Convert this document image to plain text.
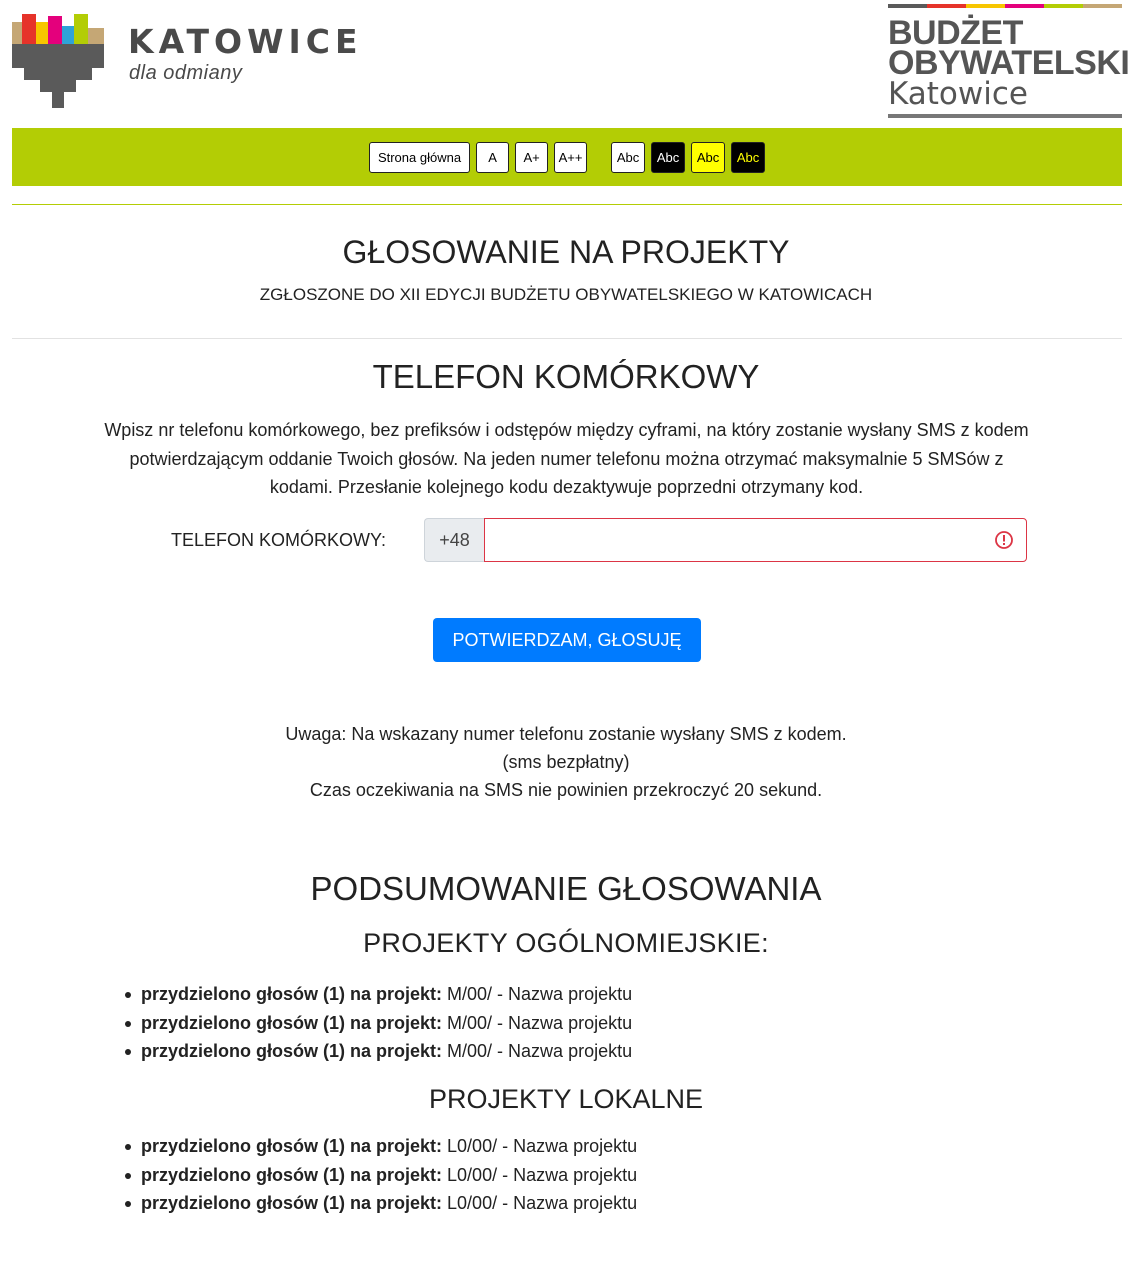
KATOWICE
dla odmiany
BUDŻET
OBYWATELSKI
Katowice
Strona główna	A	A+	A++	Abc	Abc	Abc	Abc
GŁOSOWANIE NA PROJEKTY
ZGŁOSZONE DO XII EDYCJI BUDŻETU OBYWATELSKIEGO W KATOWICACH
TELEFON KOMÓRKOWY
Wpisz nr telefonu komórkowego, bez prefiksów i odstępów między cyframi, na który zostanie wysłany SMS z kodem potwierdzającym oddanie Twoich głosów. Na jeden numer telefonu można otrzymać maksymalnie 5 SMSów z kodami. Przesłanie kolejnego kodu dezaktywuje poprzedni otrzymany kod.
TELEFON KOMÓRKOWY:	+48
POTWIERDZAM, GŁOSUJĘ
Uwaga: Na wskazany numer telefonu zostanie wysłany SMS z kodem.
(sms bezpłatny)
Czas oczekiwania na SMS nie powinien przekroczyć 20 sekund.
PODSUMOWANIE GŁOSOWANIA
PROJEKTY OGÓLNOMIEJSKIE:
przydzielono głosów (1) na projekt: M/00/ - Nazwa projektu
przydzielono głosów (1) na projekt: M/00/ - Nazwa projektu
przydzielono głosów (1) na projekt: M/00/ - Nazwa projektu
PROJEKTY LOKALNE
przydzielono głosów (1) na projekt: L0/00/ - Nazwa projektu
przydzielono głosów (1) na projekt: L0/00/ - Nazwa projektu
przydzielono głosów (1) na projekt: L0/00/ - Nazwa projektu
